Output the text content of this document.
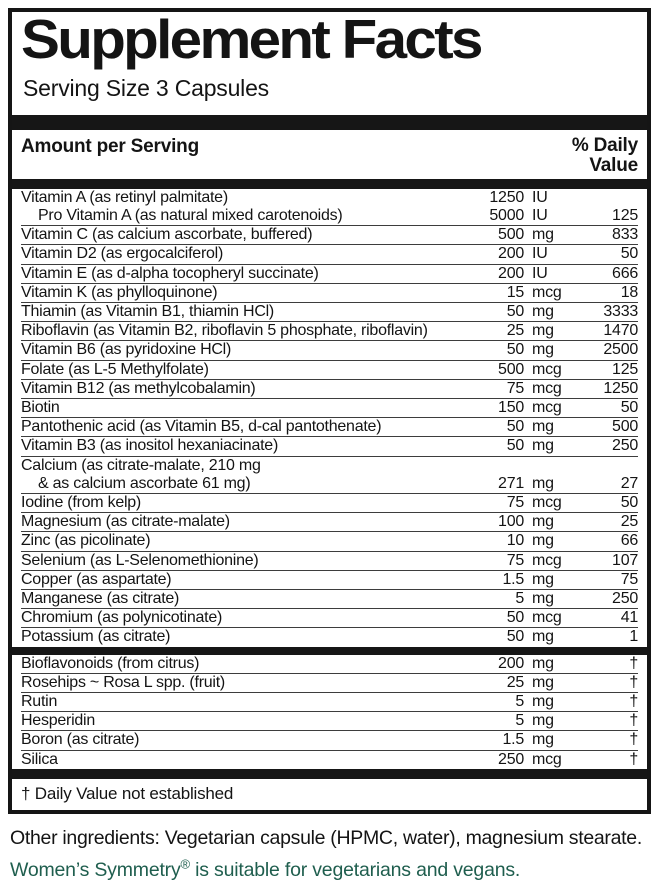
Supplement Facts
Serving Size 3 Capsules
Amount per Serving	% Daily
Value
Vitamin A (as retinyl palmitate)	1250 IU
Pro Vitamin A (as natural mixed carotenoids)	5000 IU	125
Vitamin C (as calcium ascorbate, buffered)	500 mg	833
Vitamin D2 (as ergocalciferol)	200 IU	50
Vitamin E (as d-alpha tocopheryl succinate)	200 IU	666
Vitamin K (as phylloquinone)	15 mcg	18
Thiamin (as Vitamin B1, thiamin HCl)	50 mg	3333
Riboflavin (as Vitamin B2, riboflavin 5 phosphate, riboflavin)	25 mg	1470
Vitamin B6 (as pyridoxine HCl)	50 mg	2500
Folate (as L-5 Methylfolate)	500 mcg	125
Vitamin B12 (as methylcobalamin)	75 mcg	1250
Biotin	150 mcg	50
Pantothenic acid (as Vitamin B5, d-cal pantothenate)	50 mg	500
Vitamin B3 (as inositol hexaniacinate)	50 mg	250
Calcium (as citrate-malate, 210 mg
& as calcium ascorbate 61 mg)	271 mg	27
Iodine (from kelp)	75 mcg	50
Magnesium (as citrate-malate)	100 mg	25
Zinc (as picolinate)	10 mg	66
Selenium (as L-Selenomethionine)	75 mcg	107
Copper (as aspartate)	1.5 mg	75
Manganese (as citrate)	5 mg	250
Chromium (as polynicotinate)	50 mcg	41
Potassium (as citrate)	50 mg	1
Bioflavonoids (from citrus)	200 mg	†
Rosehips ~ Rosa L spp. (fruit)	25 mg	†
Rutin	5 mg	†
Hesperidin	5 mg	†
Boron (as citrate)	1.5 mg	†
Silica	250 mcg	†
† Daily Value not established

Other ingredients: Vegetarian capsule (HPMC, water), magnesium stearate.

Women’s Symmetry® is suitable for vegetarians and vegans.
